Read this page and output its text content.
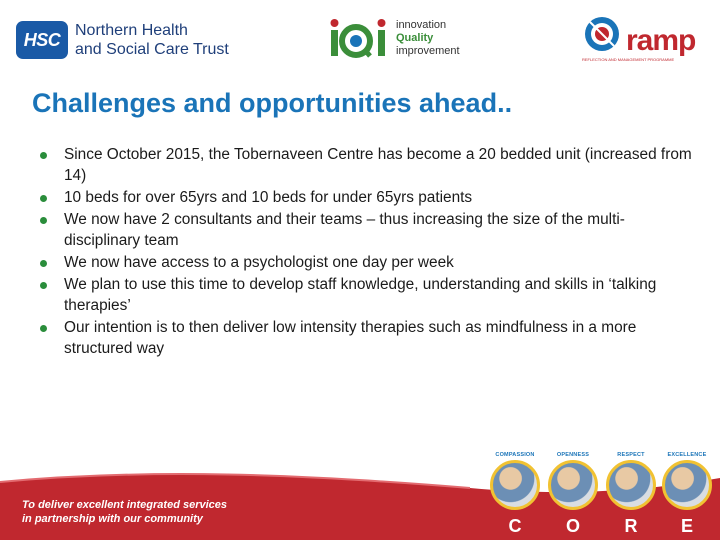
HSC Northern Health
and Social Care Trust
innovation
Quality
improvement	ramp
REFLECTION AND MANAGEMENT PROGRAMME
Challenges and opportunities ahead..
Since October 2015, the Tobernaveen Centre has become a 20 bedded unit (increased from 14)
10 beds for over 65yrs and 10 beds for under 65yrs patients
We now have 2 consultants and their teams – thus increasing the size of the multi-disciplinary team
We now have access to a psychologist one day per week
We plan to use this time to develop staff knowledge, understanding and skills in ‘talking therapies’
Our intention is to then deliver low intensity therapies such as mindfulness in a more structured way
To deliver excellent integrated services
in partnership with our community
COMPASSION
C
OPENNESS
O
RESPECT
R
EXCELLENCE
E
